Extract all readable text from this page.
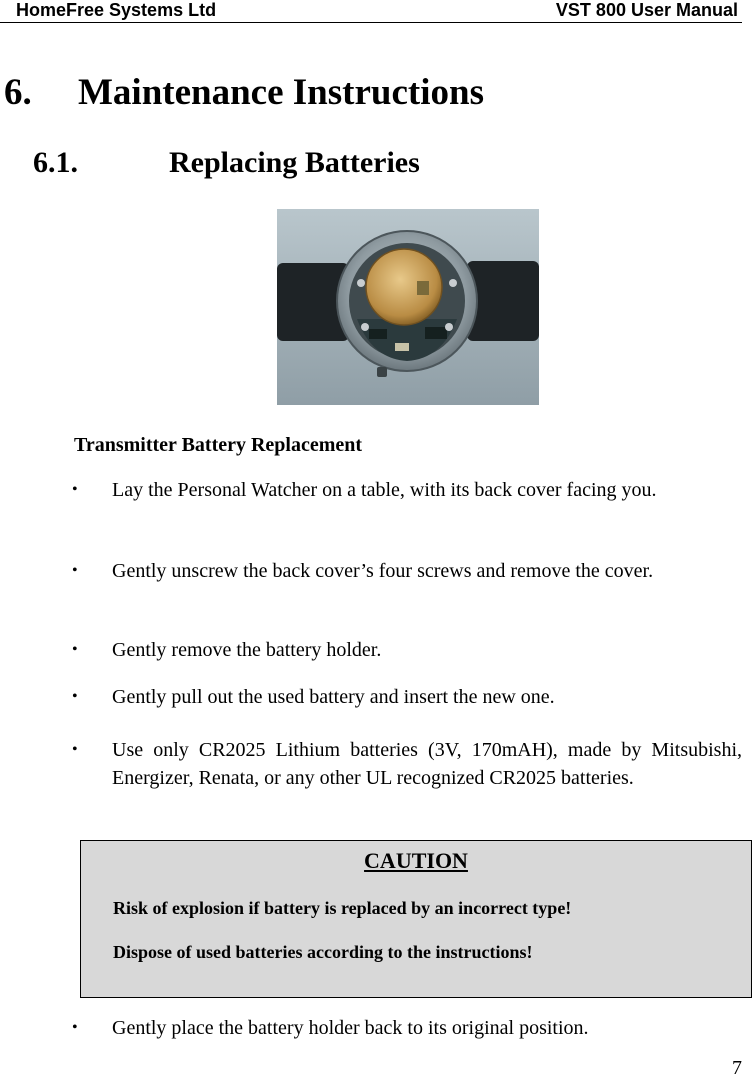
HomeFree Systems Ltd	VST 800 User Manual
6. Maintenance Instructions
6.1.	Replacing Batteries
Transmitter Battery Replacement
• Lay the Personal Watcher on a table, with its back cover facing you.
• Gently unscrew the back cover’s four screws and remove the cover.
• Gently remove the battery holder.
• Gently pull out the used battery and insert the new one.
• Use only CR2025 Lithium batteries (3V, 170mAH), made by Mitsubishi, Energizer, Renata, or any other UL recognized CR2025 batteries.
CAUTION
Risk of explosion if battery is replaced by an incorrect type!
Dispose of used batteries according to the instructions!
• Gently place the battery holder back to its original position.
7
